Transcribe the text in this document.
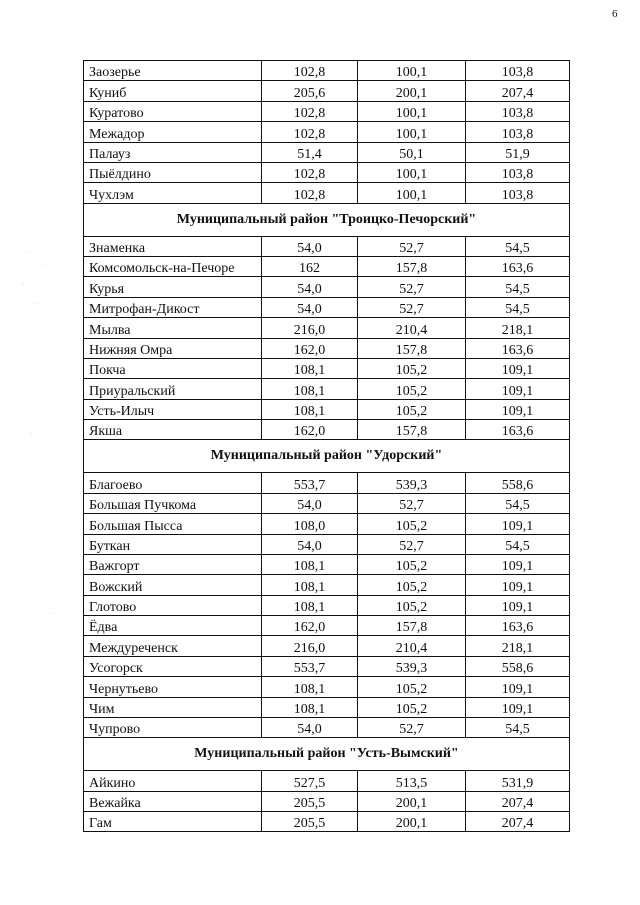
6
·
·
·
·
·
·
Заозерье	102,8	100,1	103,8
Куниб	205,6	200,1	207,4
Куратово	102,8	100,1	103,8
Межадор	102,8	100,1	103,8
Палауз	51,4	50,1	51,9
Пыёлдино	102,8	100,1	103,8
Чухлэм	102,8	100,1	103,8
Муниципальный район "Троицко-Печорский"			
Знаменка	54,0	52,7	54,5
Комсомольск-на-Печоре	162	157,8	163,6
Курья	54,0	52,7	54,5
Митрофан-Дикост	54,0	52,7	54,5
Мылва	216,0	210,4	218,1
Нижняя Омра	162,0	157,8	163,6
Покча	108,1	105,2	109,1
Приуральский	108,1	105,2	109,1
Усть-Илыч	108,1	105,2	109,1
Якша	162,0	157,8	163,6
Муниципальный район "Удорский"			
Благоево	553,7	539,3	558,6
Большая Пучкома	54,0	52,7	54,5
Большая Пысса	108,0	105,2	109,1
Буткан	54,0	52,7	54,5
Важгорт	108,1	105,2	109,1
Вожский	108,1	105,2	109,1
Глотово	108,1	105,2	109,1
Ёдва	162,0	157,8	163,6
Междуреченск	216,0	210,4	218,1
Усогорск	553,7	539,3	558,6
Чернутьево	108,1	105,2	109,1
Чим	108,1	105,2	109,1
Чупрово	54,0	52,7	54,5
Муниципальный район "Усть-Вымский"			
Айкино	527,5	513,5	531,9
Вежайка	205,5	200,1	207,4
Гам	205,5	200,1	207,4
